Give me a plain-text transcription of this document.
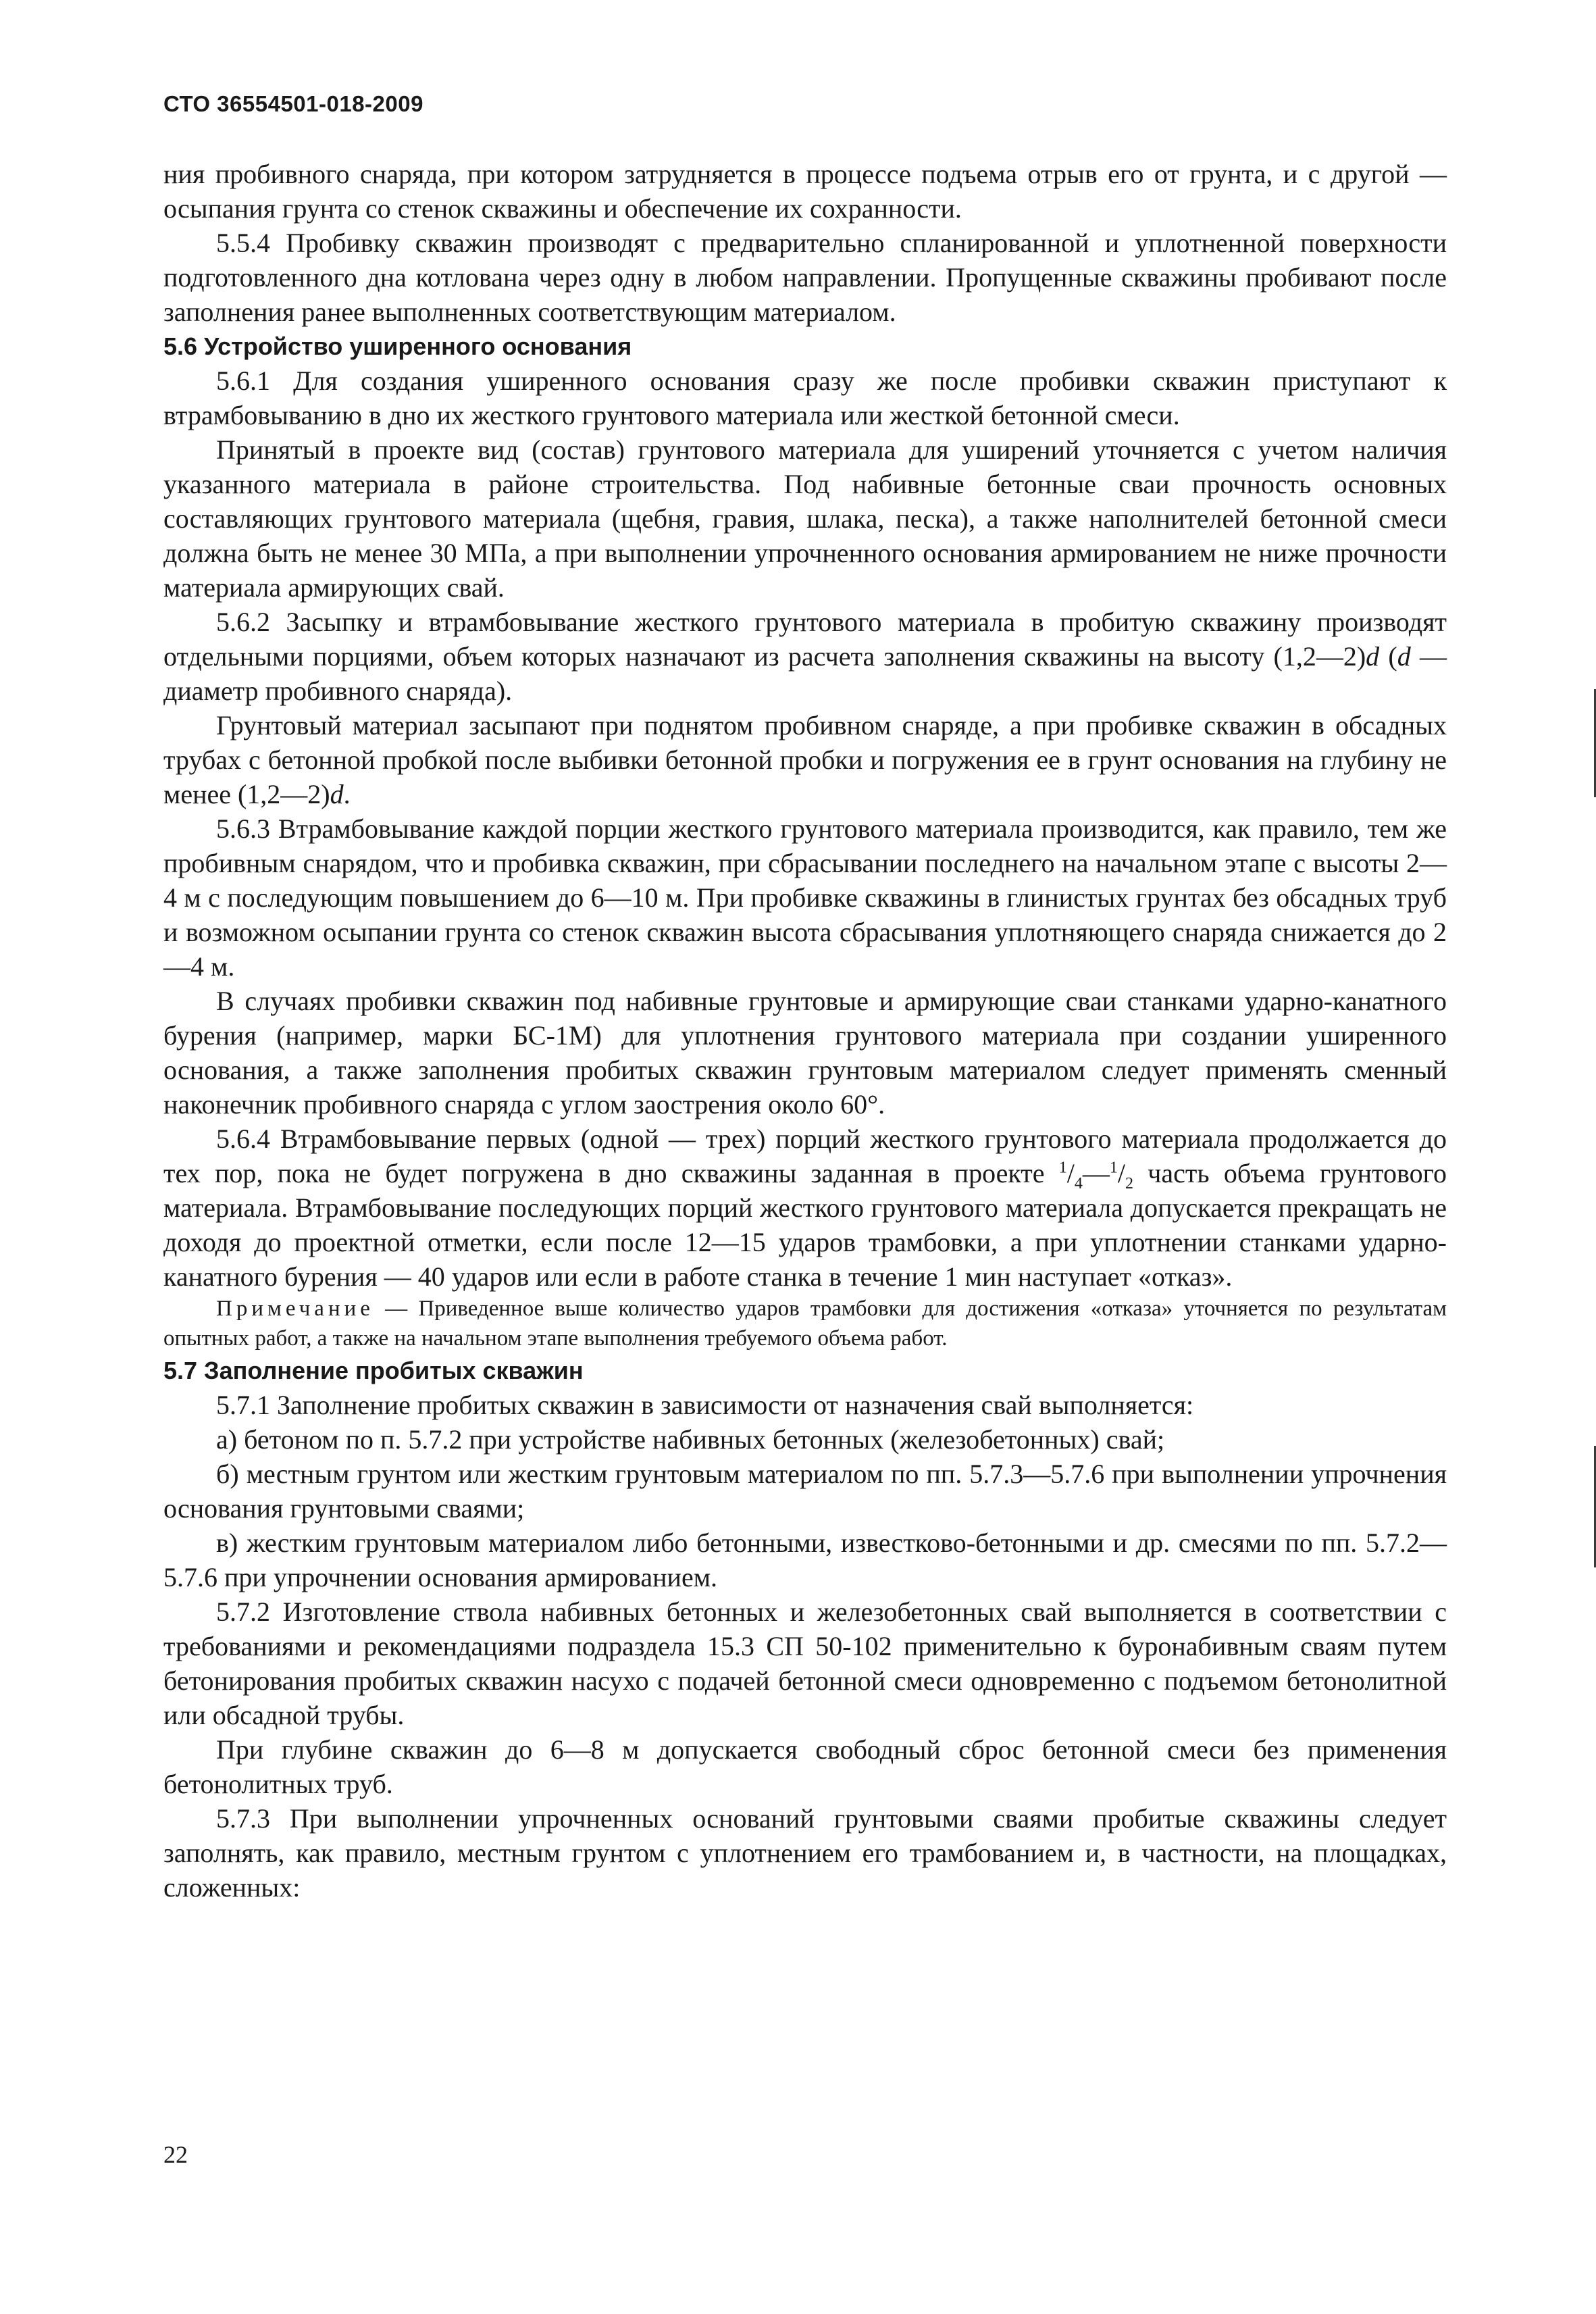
СТО 36554501-018-2009

ния пробивного снаряда, при котором затрудняется в процессе подъема отрыв его от грунта, и с другой — осыпания грунта со стенок скважины и обеспечение их сохранности.

5.5.4 Пробивку скважин производят с предварительно спланированной и уплотненной поверхности подготовленного дна котлована через одну в любом направлении. Пропущенные скважины пробивают после заполнения ранее выполненных соответствующим материалом.

5.6 Устройство уширенного основания

5.6.1 Для создания уширенного основания сразу же после пробивки скважин приступают к втрамбовыванию в дно их жесткого грунтового материала или жесткой бетонной смеси.

Принятый в проекте вид (состав) грунтового материала для уширений уточняется с учетом наличия указанного материала в районе строительства. Под набивные бетонные сваи прочность основных составляющих грунтового материала (щебня, гравия, шлака, песка), а также наполнителей бетонной смеси должна быть не менее 30 МПа, а при выполнении упрочненного основания армированием не ниже прочности материала армирующих свай.

5.6.2 Засыпку и втрамбовывание жесткого грунтового материала в пробитую скважину производят отдельными порциями, объем которых назначают из расчета заполнения скважины на высоту (1,2—2)d (d — диаметр пробивного снаряда).

Грунтовый материал засыпают при поднятом пробивном снаряде, а при пробивке скважин в обсадных трубах с бетонной пробкой после выбивки бетонной пробки и погружения ее в грунт основания на глубину не менее (1,2—2)d.

5.6.3 Втрамбовывание каждой порции жесткого грунтового материала производится, как правило, тем же пробивным снарядом, что и пробивка скважин, при сбрасывании последнего на начальном этапе с высоты 2—4 м с последующим повышением до 6—10 м. При пробивке скважины в глинистых грунтах без обсадных труб и возможном осыпании грунта со стенок скважин высота сбрасывания уплотняющего снаряда снижается до 2—4 м.

В случаях пробивки скважин под набивные грунтовые и армирующие сваи станками ударно-канатного бурения (например, марки БС-1М) для уплотнения грунтового материала при создании уширенного основания, а также заполнения пробитых скважин грунтовым материалом следует применять сменный наконечник пробивного снаряда с углом заострения около 60°.

5.6.4 Втрамбовывание первых (одной — трех) порций жесткого грунтового материала продолжается до тех пор, пока не будет погружена в дно скважины заданная в проекте $^1/_4—^1/_2$ часть объема грунтового материала. Втрамбовывание последующих порций жесткого грунтового материала допускается прекращать не доходя до проектной отметки, если после 12—15 ударов трамбовки, а при уплотнении станками ударно-канатного бурения — 40 ударов или если в работе станка в течение 1 мин наступает «отказ».

Примечание — Приведенное выше количество ударов трамбовки для достижения «отказа» уточняется по результатам опытных работ, а также на начальном этапе выполнения требуемого объема работ.

5.7 Заполнение пробитых скважин

5.7.1 Заполнение пробитых скважин в зависимости от назначения свай выполняется:

а) бетоном по п. 5.7.2 при устройстве набивных бетонных (железобетонных) свай;

б) местным грунтом или жестким грунтовым материалом по пп. 5.7.3—5.7.6 при выполнении упрочнения основания грунтовыми сваями;

в) жестким грунтовым материалом либо бетонными, известково-бетонными и др. смесями по пп. 5.7.2—5.7.6 при упрочнении основания армированием.

5.7.2 Изготовление ствола набивных бетонных и железобетонных свай выполняется в соответствии с требованиями и рекомендациями подраздела 15.3 СП 50-102 применительно к буронабивным сваям путем бетонирования пробитых скважин насухо с подачей бетонной смеси одновременно с подъемом бетонолитной или обсадной трубы.

При глубине скважин до 6—8 м допускается свободный сброс бетонной смеси без применения бетонолитных труб.

5.7.3 При выполнении упрочненных оснований грунтовыми сваями пробитые скважины следует заполнять, как правило, местным грунтом с уплотнением его трамбованием и, в частности, на площадках, сложенных:

22
